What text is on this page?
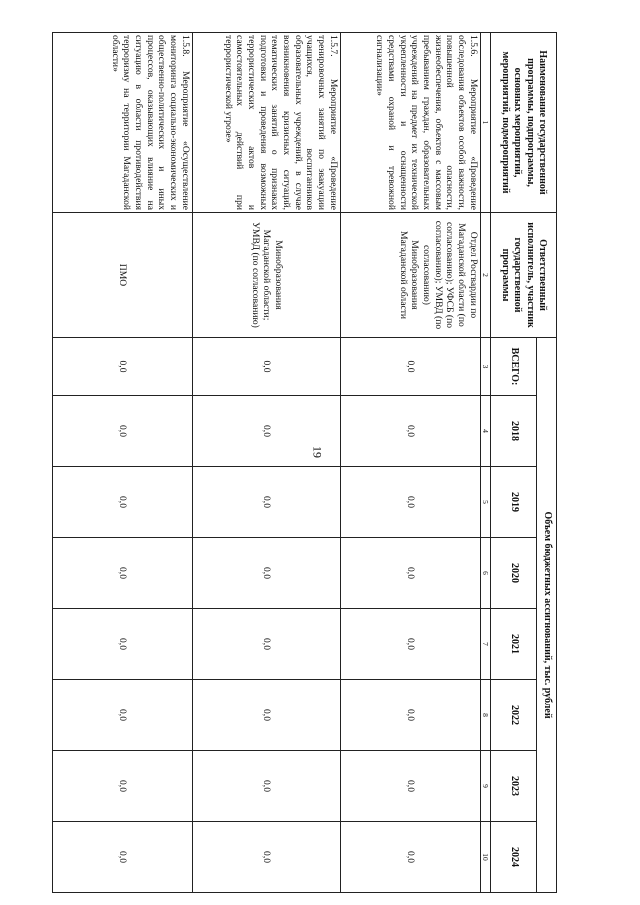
19
Наименование государственной программы, подпрограммы, основных мероприятий, мероприятий, подмероприятий	Ответственный исполнитель, участник государственной программы	Объем бюджетных ассигнований, тыс. рублей							
		ВСЕГО:	2018	2019	2020	2021	2022	2023	2024
1	2	3	4	5	6	7	8	9	10
1.5.6. Мероприятие «Проведение обследования объектов особой важности, повышенной опасности, жизнеобеспечения, объектов с массовым пребыванием граждан, образовательных учреждений на предмет их технической укрепленности и оснащенности средствами охраной и тревожной сигнализации»	Отдел Росгвардии по Магаданской области (по согласованию); УФСБ (по согласованию); УМВД (по согласованию) Минобразования Магаданской области	0,0	0,0	0,0	0,0	0,0	0,0	0,0	0,0
1.5.7. Мероприятие «Проведение тренировочных занятий по эвакуации учащихся, воспитанников образовательных учреждений, в случае возникновения кризисных ситуаций, тематических занятий о признаках подготовки и проведения возможных террористических актов и самостоятельных действий при террористической угрозе»	Минобразования Магаданской области; УМВД (по согласованию)	0,0	0,0	0,0	0,0	0,0	0,0	0,0	0,0
1.5.8. Мероприятие «Осуществление мониторинга социально-экономических и общественно-политических и иных процессов, оказывающих влияние на ситуацию в области противодействия терроризму на территории Магаданской области»	ПМО	0,0	0,0	0,0	0,0	0,0	0,0	0,0	0,0
